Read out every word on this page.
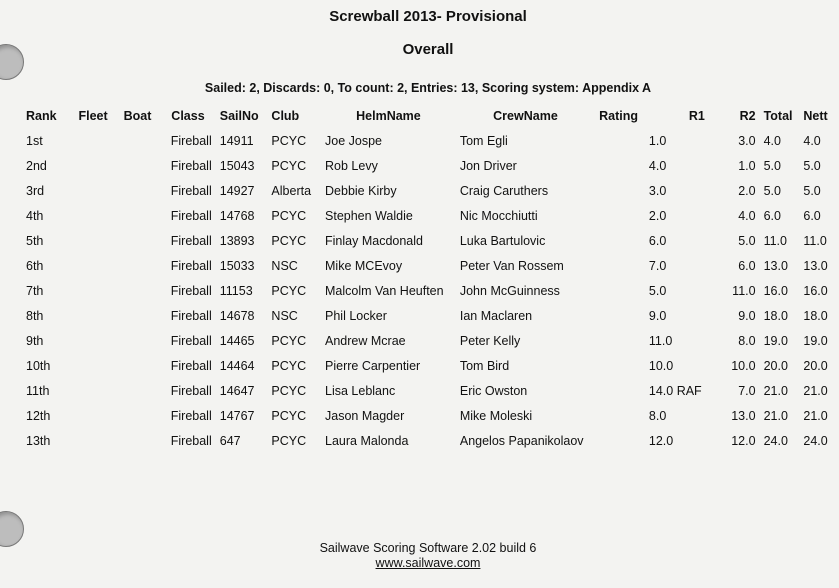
Screwball 2013- Provisional
Overall
Sailed: 2, Discards: 0, To count: 2, Entries: 13, Scoring system: Appendix A
Rank	Fleet	Boat	Class	SailNo	Club	HelmName	CrewName	Rating	R1	R2	Total	Nett
1st			Fireball	14911	PCYC	Joe Jospe	Tom Egli		1.0	3.0	4.0	4.0
2nd			Fireball	15043	PCYC	Rob Levy	Jon Driver		4.0	1.0	5.0	5.0
3rd			Fireball	14927	Alberta	Debbie Kirby	Craig Caruthers		3.0	2.0	5.0	5.0
4th			Fireball	14768	PCYC	Stephen Waldie	Nic Mocchiutti		2.0	4.0	6.0	6.0
5th			Fireball	13893	PCYC	Finlay Macdonald	Luka Bartulovic		6.0	5.0	11.0	11.0
6th			Fireball	15033	NSC	Mike MCEvoy	Peter Van Rossem		7.0	6.0	13.0	13.0
7th			Fireball	11153	PCYC	Malcolm Van Heuften	John McGuinness		5.0	11.0	16.0	16.0
8th			Fireball	14678	NSC	Phil Locker	Ian Maclaren		9.0	9.0	18.0	18.0
9th			Fireball	14465	PCYC	Andrew Mcrae	Peter Kelly		11.0	8.0	19.0	19.0
10th			Fireball	14464	PCYC	Pierre Carpentier	Tom Bird		10.0	10.0	20.0	20.0
11th			Fireball	14647	PCYC	Lisa Leblanc	Eric Owston		14.0 RAF	7.0	21.0	21.0
12th			Fireball	14767	PCYC	Jason Magder	Mike Moleski		8.0	13.0	21.0	21.0
13th			Fireball	647	PCYC	Laura Malonda	Angelos Papanikolaov		12.0	12.0	24.0	24.0
Sailwave Scoring Software 2.02 build 6
www.sailwave.com
